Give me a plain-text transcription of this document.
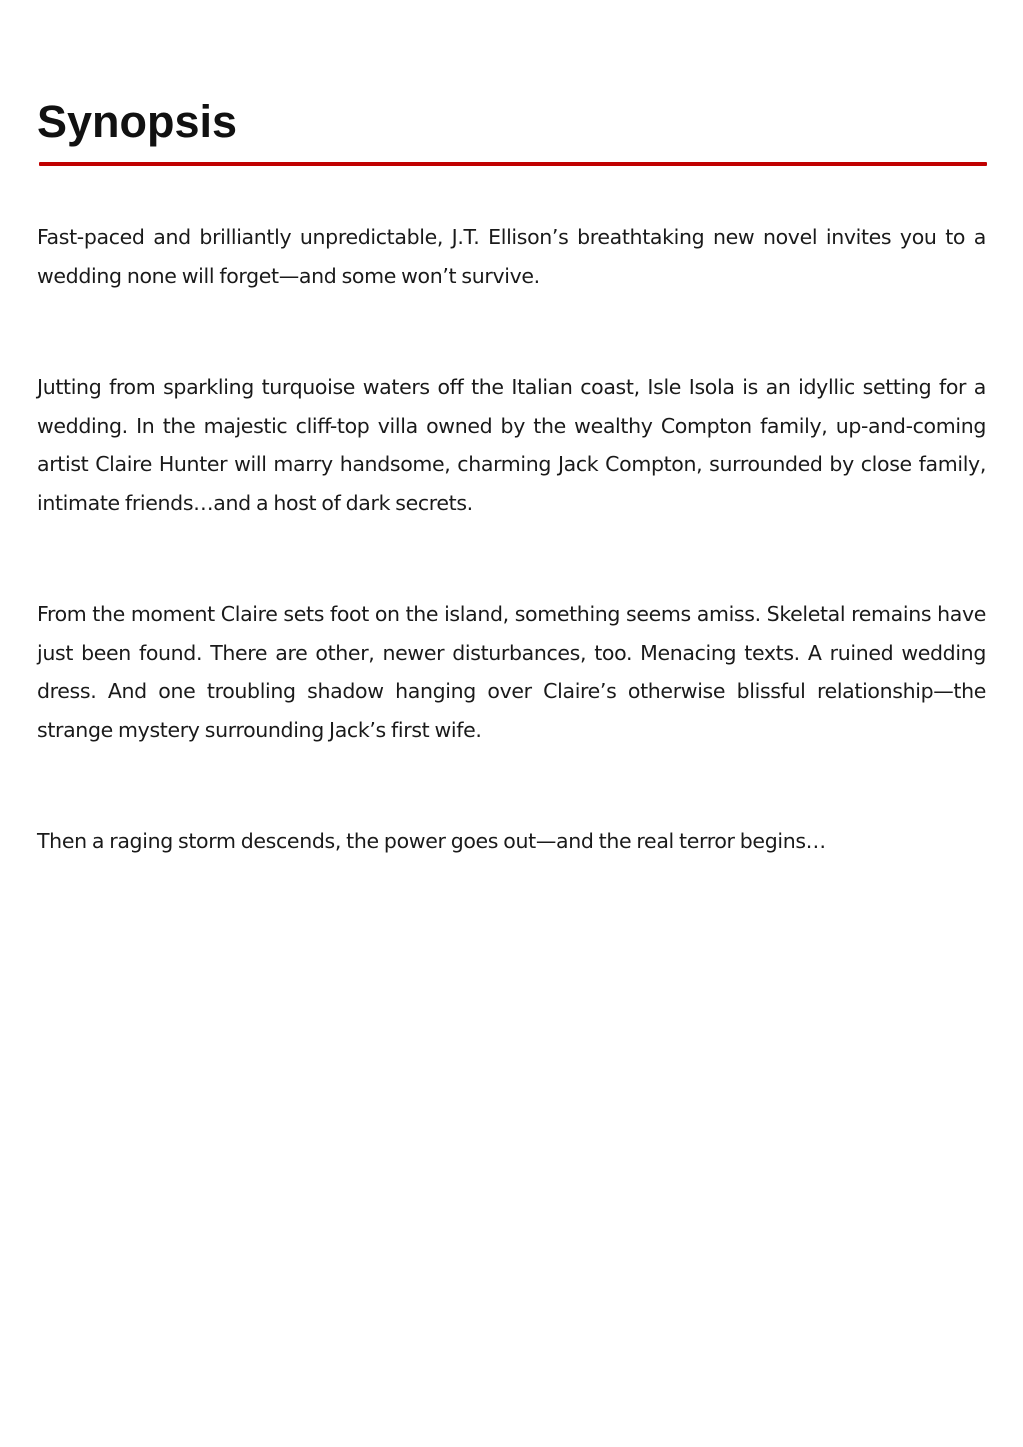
Synopsis

Fast-paced and brilliantly unpredictable, J.T. Ellison’s breathtaking new novel invites you to a wedding none will forget—and some won’t survive.

Jutting from sparkling turquoise waters off the Italian coast, Isle Isola is an idyllic setting for a wedding. In the majestic cliff-top villa owned by the wealthy Compton family, up-and-coming artist Claire Hunter will marry handsome, charming Jack Compton, surrounded by close family, intimate friends…and a host of dark secrets.

From the moment Claire sets foot on the island, something seems amiss. Skeletal remains have just been found. There are other, newer disturbances, too. Menacing texts. A ruined wedding dress. And one troubling shadow hanging over Claire’s otherwise blissful relationship—the strange mystery surrounding Jack’s first wife.

Then a raging storm descends, the power goes out—and the real terror begins…
